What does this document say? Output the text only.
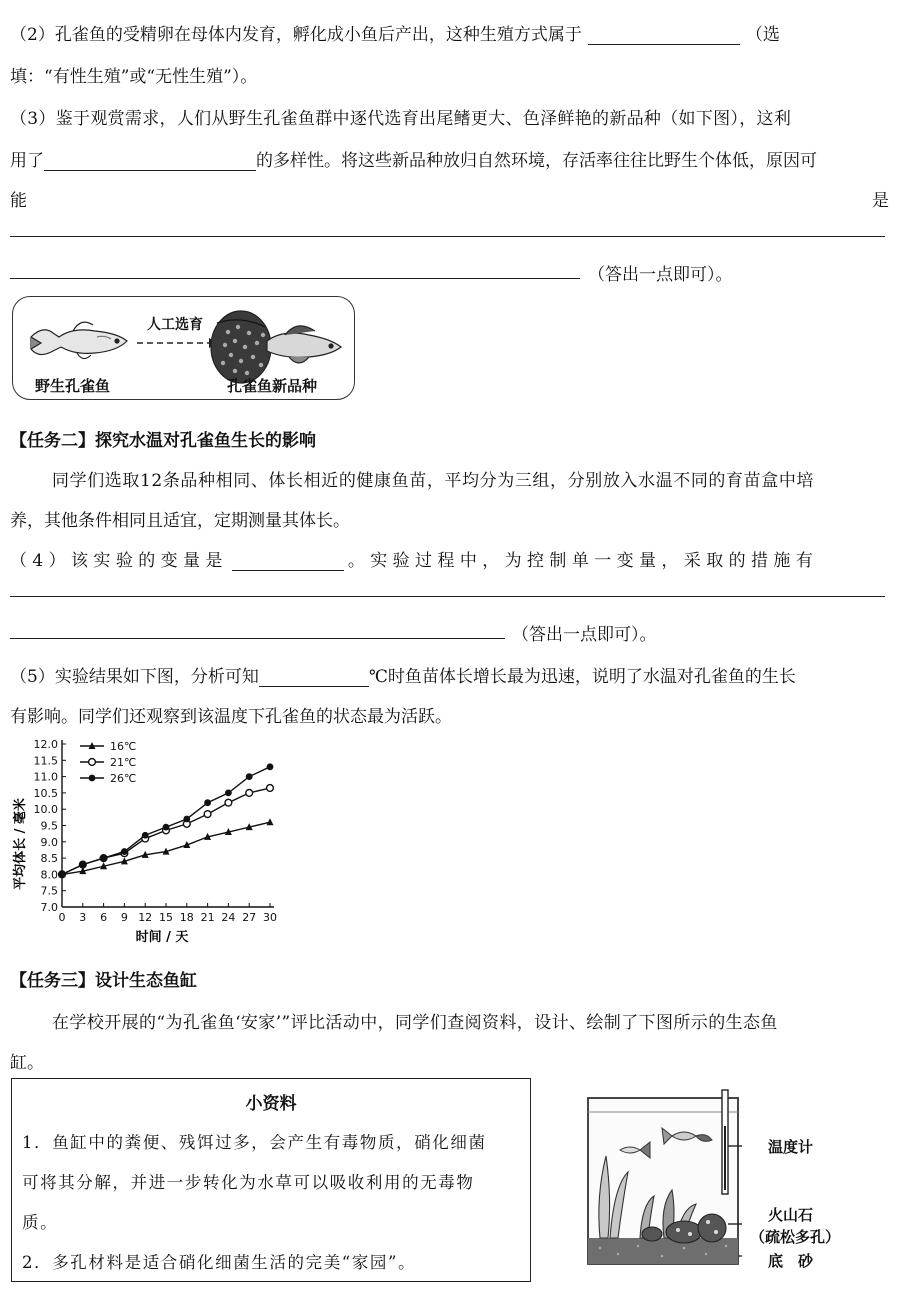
（2）孔雀鱼的受精卵在母体内发育，孵化成小鱼后产出，这种生殖方式属于	（选
填：“有性生殖”或“无性生殖”）。
（3）鉴于观赏需求，人们从野生孔雀鱼群中逐代选育出尾鳍更大、色泽鲜艳的新品种（如下图），这利
用了	的多样性。将这些新品种放归自然环境，存活率往往比野生个体低，原因可
能	是
（答出一点即可）。
人工选育
野生孔雀鱼	孔雀鱼新品种
【任务二】探究水温对孔雀鱼生长的影响
同学们选取12条品种相同、体长相近的健康鱼苗，平均分为三组，分别放入水温不同的育苗盒中培
养，其他条件相同且适宜，定期测量其体长。
（4）该实验的变量是	。实验过程中，为控制单一变量，采取的措施有
（答出一点即可）。
（5）实验结果如下图，分析可知	℃时鱼苗体长增长最为迅速，说明了水温对孔雀鱼的生长
有影响。同学们还观察到该温度下孔雀鱼的状态最为活跃。
平均体长 / 毫米
时间 / 天
7.0
7.5
8.0
8.5
9.0
9.5
10.0
10.5
11.0
11.5
12.0
0 3 6 9 12 15 18 21 24 27 30
16℃
21℃
26℃
【任务三】设计生态鱼缸
在学校开展的“为孔雀鱼‘安家’”评比活动中，同学们查阅资料，设计、绘制了下图所示的生态鱼
缸。
小资料
1．鱼缸中的粪便、残饵过多，会产生有毒物质，硝化细菌
可将其分解，并进一步转化为水草可以吸收利用的无毒物
质。
2．多孔材料是适合硝化细菌生活的完美“家园”。
温度计
火山石
（疏松多孔）
底　砂
